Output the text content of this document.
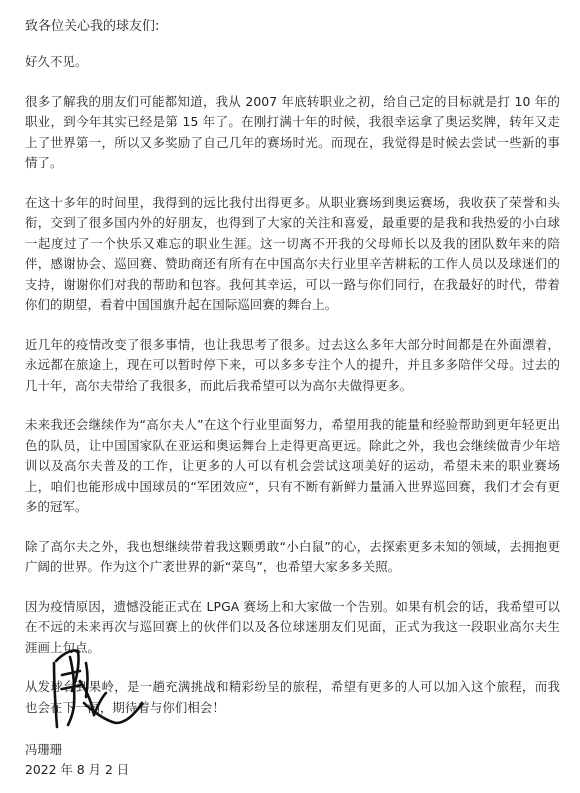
致各位关心我的球友们:

好久不见。

很多了解我的朋友们可能都知道，我从 2007 年底转职业之初，给自己定的目标就是打 10 年的职业，到今年其实已经是第 15 年了。在刚打满十年的时候，我很幸运拿了奥运奖牌，转年又走上了世界第一，所以又多奖励了自己几年的赛场时光。而现在，我觉得是时候去尝试一些新的事情了。

在这十多年的时间里，我得到的远比我付出得更多。从职业赛场到奥运赛场，我收获了荣誉和头衔，交到了很多国内外的好朋友，也得到了大家的关注和喜爱，最重要的是我和我热爱的小白球一起度过了一个快乐又难忘的职业生涯。这一切离不开我的父母师长以及我的团队数年来的陪伴，感谢协会、巡回赛、赞助商还有所有在中国高尔夫行业里辛苦耕耘的工作人员以及球迷们的支持，谢谢你们对我的帮助和包容。我何其幸运，可以一路与你们同行，在我最好的时代，带着你们的期望，看着中国国旗升起在国际巡回赛的舞台上。

近几年的疫情改变了很多事情，也让我思考了很多。过去这么多年大部分时间都是在外面漂着，永远都在旅途上，现在可以暂时停下来，可以多多专注个人的提升，并且多多陪伴父母。过去的几十年，高尔夫带给了我很多，而此后我希望可以为高尔夫做得更多。

未来我还会继续作为“高尔夫人”在这个行业里面努力，希望用我的能量和经验帮助到更年轻更出色的队员，让中国国家队在亚运和奥运舞台上走得更高更远。除此之外，我也会继续做青少年培训以及高尔夫普及的工作，让更多的人可以有机会尝试这项美好的运动，希望未来的职业赛场上，咱们也能形成中国球员的“军团效应“，只有不断有新鲜力量涌入世界巡回赛，我们才会有更多的冠军。

除了高尔夫之外，我也想继续带着我这颗勇敢“小白鼠”的心，去探索更多未知的领域，去拥抱更广阔的世界。作为这个广袤世界的新“菜鸟”，也希望大家多多关照。

因为疫情原因，遗憾没能正式在 LPGA 赛场上和大家做一个告别。如果有机会的话，我希望可以在不远的未来再次与巡回赛上的伙伴们以及各位球迷朋友们见面，正式为我这一段职业高尔夫生涯画上句点。

从发球台到果岭，是一趟充满挑战和精彩纷呈的旅程，希望有更多的人可以加入这个旅程，而我也会在下一洞，期待着与你们相会！

冯珊珊

2022 年 8 月 2 日
